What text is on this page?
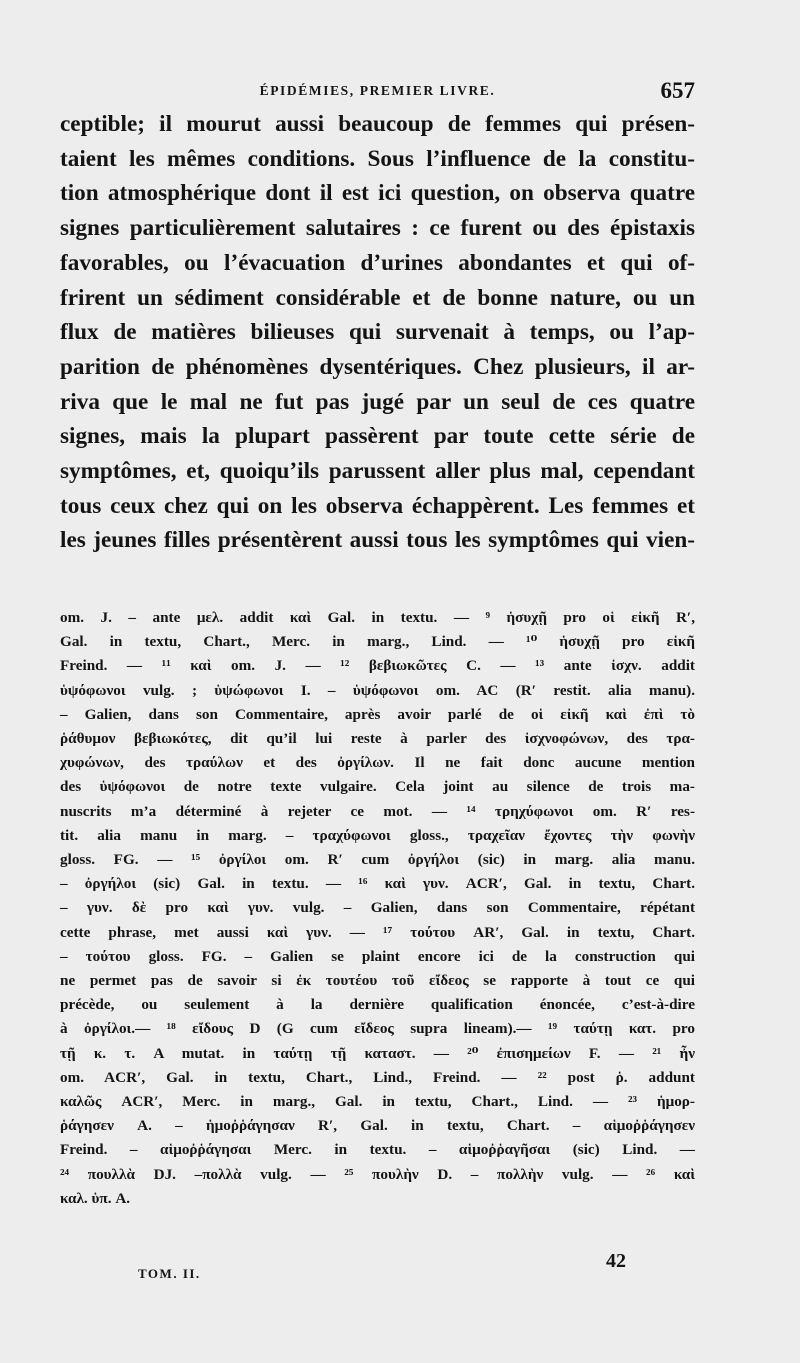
ÉPIDÉMIES, PREMIER LIVRE.	657
ceptible; il mourut aussi beaucoup de femmes qui présen-
taient les mêmes conditions. Sous l’influence de la constitu-
tion atmosphérique dont il est ici question, on observa quatre
signes particulièrement salutaires : ce furent ou des épistaxis
favorables, ou l’évacuation d’urines abondantes et qui of-
frirent un sédiment considérable et de bonne nature, ou un
flux de matières bilieuses qui survenait à temps, ou l’ap-
parition de phénomènes dysentériques. Chez plusieurs, il ar-
riva que le mal ne fut pas jugé par un seul de ces quatre
signes, mais la plupart passèrent par toute cette série de
symptômes, et, quoiqu’ils parussent aller plus mal, cependant
tous ceux chez qui on les observa échappèrent. Les femmes et
les jeunes filles présentèrent aussi tous les symptômes qui vien-
om. J. – ante μελ. addit καὶ Gal. in textu. — ⁹ ἡσυχῇ pro οἱ εἰκῆ R′,
Gal. in textu, Chart., Merc. in marg., Lind. — ¹⁰ ἡσυχῇ pro εἰκῆ
Freind. — ¹¹ καὶ om. J. — ¹² βεβιωκῶτες C. — ¹³ ante ἰσχν. addit
ὑψόφωνοι vulg. ; ὑψώφωνοι I. – ὑψόφωνοι om. AC (R′ restit. alia manu).
– Galien, dans son Commentaire, après avoir parlé de οἱ εἰκῆ καὶ ἐπὶ τὸ
ῥάθυμον βεβιωκότες, dit qu’il lui reste à parler des ἰσχνοφώνων, des τρα-
χυφώνων, des τραύλων et des ὀργίλων. Il ne fait donc aucune mention
des ὑψόφωνοι de notre texte vulgaire. Cela joint au silence de trois ma-
nuscrits m’a déterminé à rejeter ce mot. — ¹⁴ τρηχύφωνοι om. R′ res-
tit. alia manu in marg. – τραχύφωνοι gloss., τραχεῖαν ἔχοντες τὴν φωνὴν
gloss. FG. — ¹⁵ ὀργίλοι om. R′ cum ὀργήλοι (sic) in marg. alia manu.
– ὀργήλοι (sic) Gal. in textu. — ¹⁶ καὶ γυν. ACR′, Gal. in textu, Chart.
– γυν. δὲ pro καὶ γυν. vulg. – Galien, dans son Commentaire, répétant
cette phrase, met aussi καὶ γυν. — ¹⁷ τούτου AR′, Gal. in textu, Chart.
– τούτου gloss. FG. – Galien se plaint encore ici de la construction qui
ne permet pas de savoir si ἐκ τουτέου τοῦ εἴδεος se rapporte à tout ce qui
précède, ou seulement à la dernière qualification énoncée, c’est-à-dire
à ὀργίλοι.— ¹⁸ εἴδους D (G cum εἴδεος supra lineam).— ¹⁹ ταύτῃ κατ. pro
τῇ κ. τ. A mutat. in ταύτῃ τῇ καταστ. — ²⁰ ἐπισημείων F. — ²¹ ἦν
om. ACR′, Gal. in textu, Chart., Lind., Freind. — ²² post ῥ. addunt
καλῶς ACR′, Merc. in marg., Gal. in textu, Chart., Lind. — ²³ ἡμορ-
ῥάγησεν A. – ἡμοῤῥάγησαν R′, Gal. in textu, Chart. – αἱμοῤῥάγησεν
Freind. – αἱμοῤῥάγησαι Merc. in textu. – αἱμοῤῥαγῆσαι (sic) Lind. —
²⁴ πουλλὰ DJ. –πολλὰ vulg. — ²⁵ πουλὴν D. – πολλὴν vulg. — ²⁶ καὶ
καλ. ὑπ. A.
TOM. II.
42
